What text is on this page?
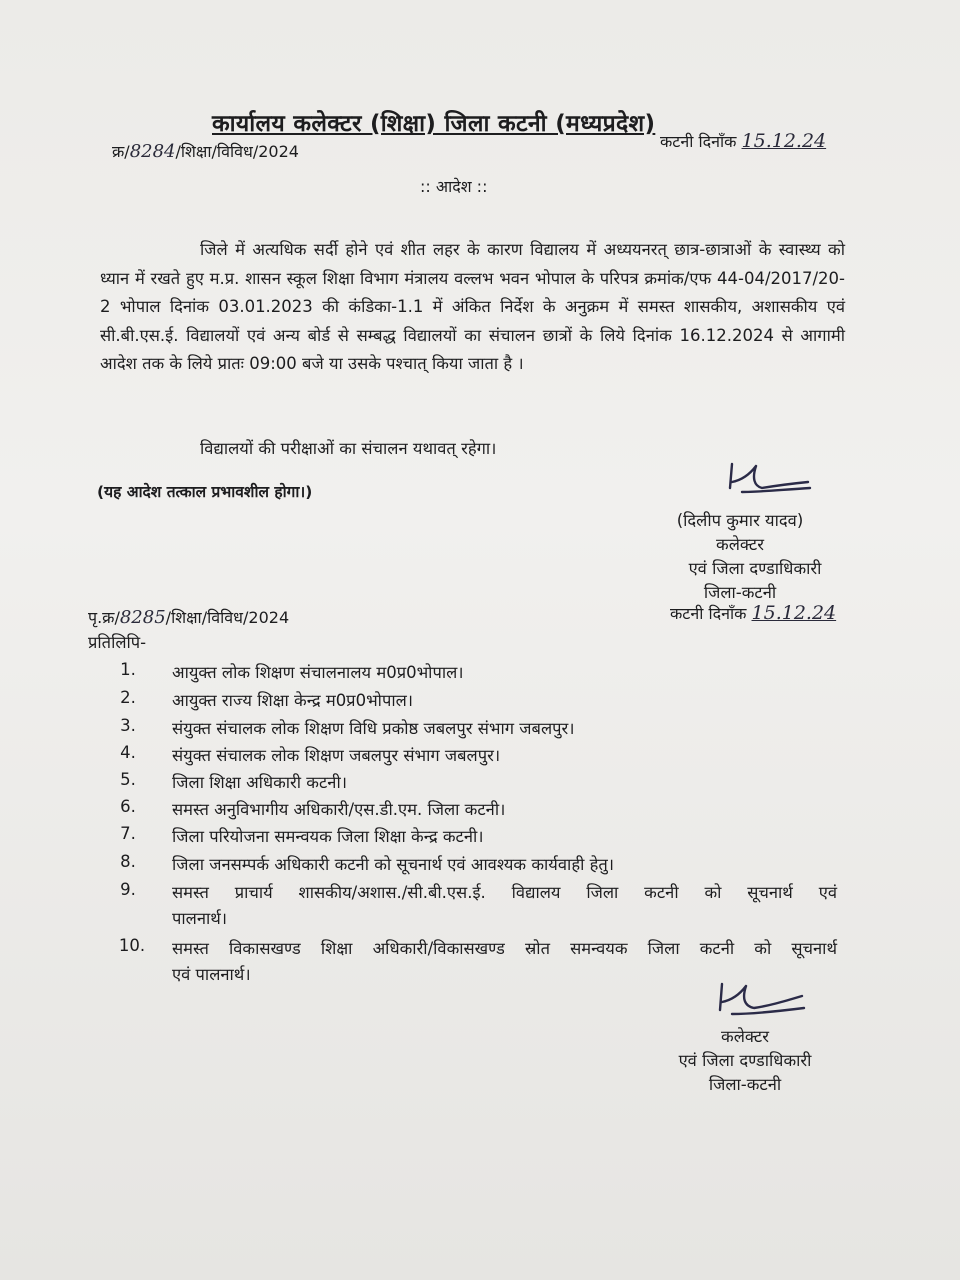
कार्यालय कलेक्टर (शिक्षा) जिला कटनी (मध्यप्रदेश)
कटनी दिनॉंक 15.12.24
क्र/8284/शिक्षा/विविध/2024
:: आदेश ::
जिले में अत्यधिक सर्दी होने एवं शीत लहर के कारण विद्यालय में अध्ययनरत् छात्र-छात्राओं के स्वास्थ्य को ध्यान में रखते हुए म.प्र. शासन स्कूल शिक्षा विभाग मंत्रालय वल्लभ भवन भोपाल के परिपत्र क्रमांक/एफ 44-04/2017/20-2 भोपाल दिनांक 03.01.2023 की कंडिका-1.1 में अंकित निर्देश के अनुक्रम में समस्त शासकीय, अशासकीय एवं सी.बी.एस.ई. विद्यालयों एवं अन्य बोर्ड से सम्बद्ध विद्यालयों का संचालन छात्रों के लिये दिनांक 16.12.2024 से आगामी आदेश तक के लिये प्रातः 09:00 बजे या उसके पश्चात् किया जाता है ।
विद्यालयों की परीक्षाओं का संचालन यथावत् रहेगा।
(यह आदेश तत्काल प्रभावशील होगा।)
(दिलीप कुमार यादव)
कलेक्टर
एवं जिला दण्डाधिकारी
जिला-कटनी
कटनी दिनॉंक 15.12.24
पृ.क्र/8285/शिक्षा/विविध/2024
प्रतिलिपि-
1.	आयुक्त लोक शिक्षण संचालनालय म0प्र0भोपाल।
2.	आयुक्त राज्य शिक्षा केन्द्र म0प्र0भोपाल।
3.	संयुक्त संचालक लोक शिक्षण विधि प्रकोष्ठ जबलपुर संभाग जबलपुर।
4.	संयुक्त संचालक लोक शिक्षण जबलपुर संभाग जबलपुर।
5.	जिला शिक्षा अधिकारी कटनी।
6.	समस्त अनुविभागीय अधिकारी/एस.डी.एम. जिला कटनी।
7.	जिला परियोजना समन्वयक जिला शिक्षा केन्द्र कटनी।
8.	जिला जनसम्पर्क अधिकारी कटनी को सूचनार्थ एवं आवश्यक कार्यवाही हेतु।
9.	समस्त प्राचार्य शासकीय/अशास./सी.बी.एस.ई. विद्यालय जिला कटनी को सूचनार्थ एवं
पालनार्थ।
10.	समस्त विकासखण्ड शिक्षा अधिकारी/विकासखण्ड स्रोत समन्वयक जिला कटनी को सूचनार्थ
एवं पालनार्थ।
कलेक्टर
एवं जिला दण्डाधिकारी
जिला-कटनी
